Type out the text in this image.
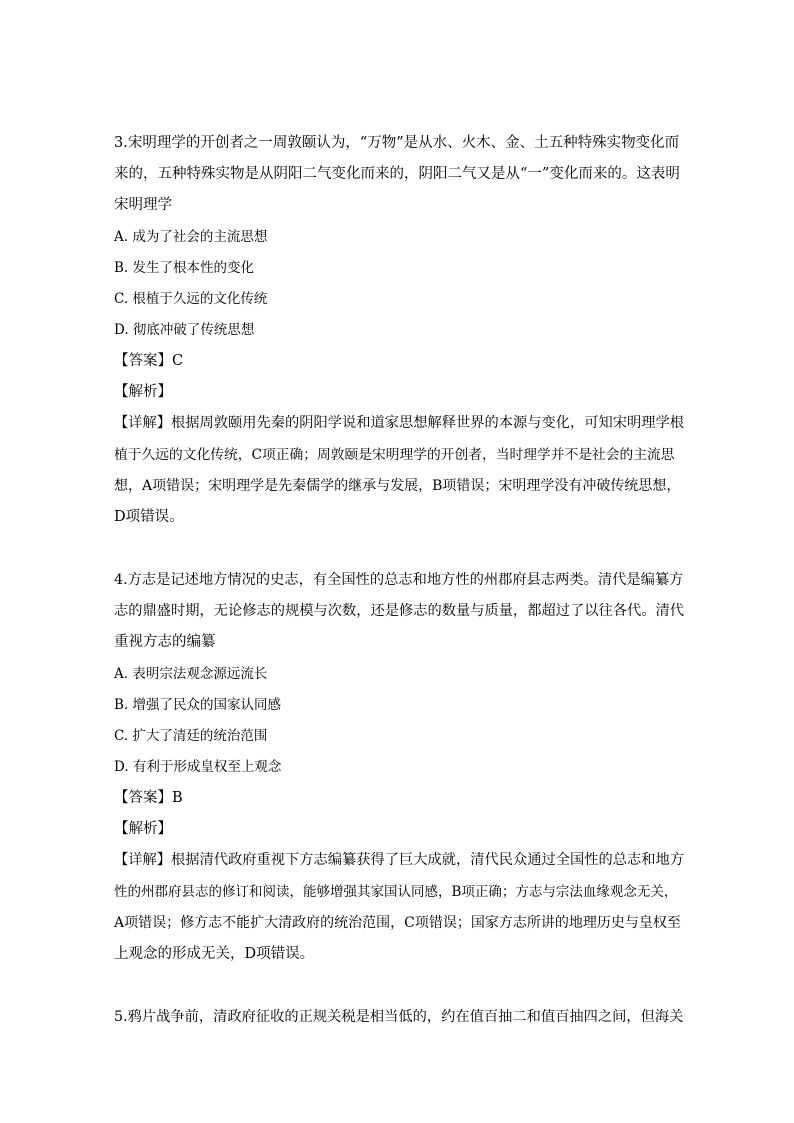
3.宋明理学的开创者之一周敦颐认为，“万物”是从水、火木、金、土五种特殊实物变化而
来的，五种特殊实物是从阴阳二气变化而来的，阴阳二气又是从“一”变化而来的。这表明
宋明理学
A. 成为了社会的主流思想
B. 发生了根本性的变化
C. 根植于久远的文化传统
D. 彻底冲破了传统思想
【答案】C
【解析】
【详解】根据周敦颐用先秦的阴阳学说和道家思想解释世界的本源与变化，可知宋明理学根
植于久远的文化传统，C项正确；周敦颐是宋明理学的开创者，当时理学并不是社会的主流思
想，A项错误；宋明理学是先秦儒学的继承与发展，B项错误；宋明理学没有冲破传统思想，
D项错误。
4.方志是记述地方情况的史志，有全国性的总志和地方性的州郡府县志两类。清代是编纂方
志的鼎盛时期，无论修志的规模与次数，还是修志的数量与质量，都超过了以往各代。清代
重视方志的编纂
A. 表明宗法观念源远流长
B. 增强了民众的国家认同感
C. 扩大了清廷的统治范围
D. 有利于形成皇权至上观念
【答案】B
【解析】
【详解】根据清代政府重视下方志编纂获得了巨大成就，清代民众通过全国性的总志和地方
性的州郡府县志的修订和阅读，能够增强其家国认同感，B项正确；方志与宗法血缘观念无关，
A项错误；修方志不能扩大清政府的统治范围，C项错误；国家方志所讲的地理历史与皇权至
上观念的形成无关，D项错误。
5.鸦片战争前，清政府征收的正规关税是相当低的，约在值百抽二和值百抽四之间，但海关
